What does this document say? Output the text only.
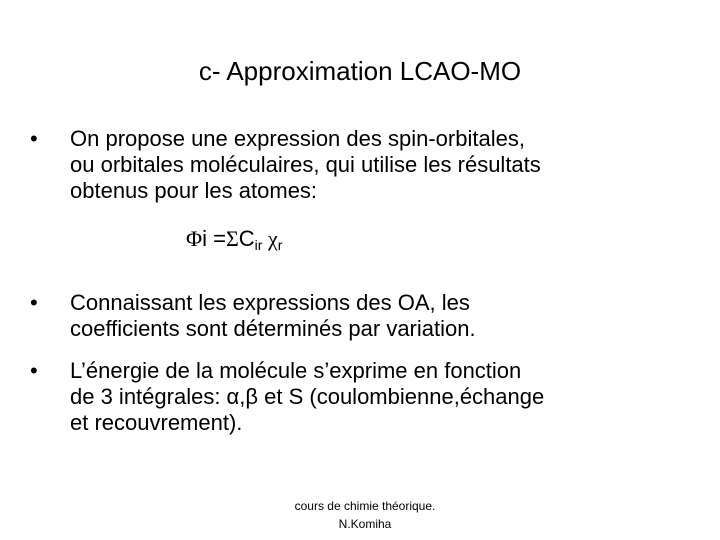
c- Approximation LCAO-MO
• On propose une expression des spin-orbitales,
ou orbitales moléculaires, qui utilise les résultats
obtenus pour les atomes:
$\Phi i =\Sigma C_{ir}$ $\chi_r$
• Connaissant les expressions des OA, les
coefficients sont déterminés par variation.
• L’énergie de la molécule s’exprime en fonction
de 3 intégrales: α,β et S (coulombienne,échange
et recouvrement).
cours de chimie théorique.
N.Komiha
